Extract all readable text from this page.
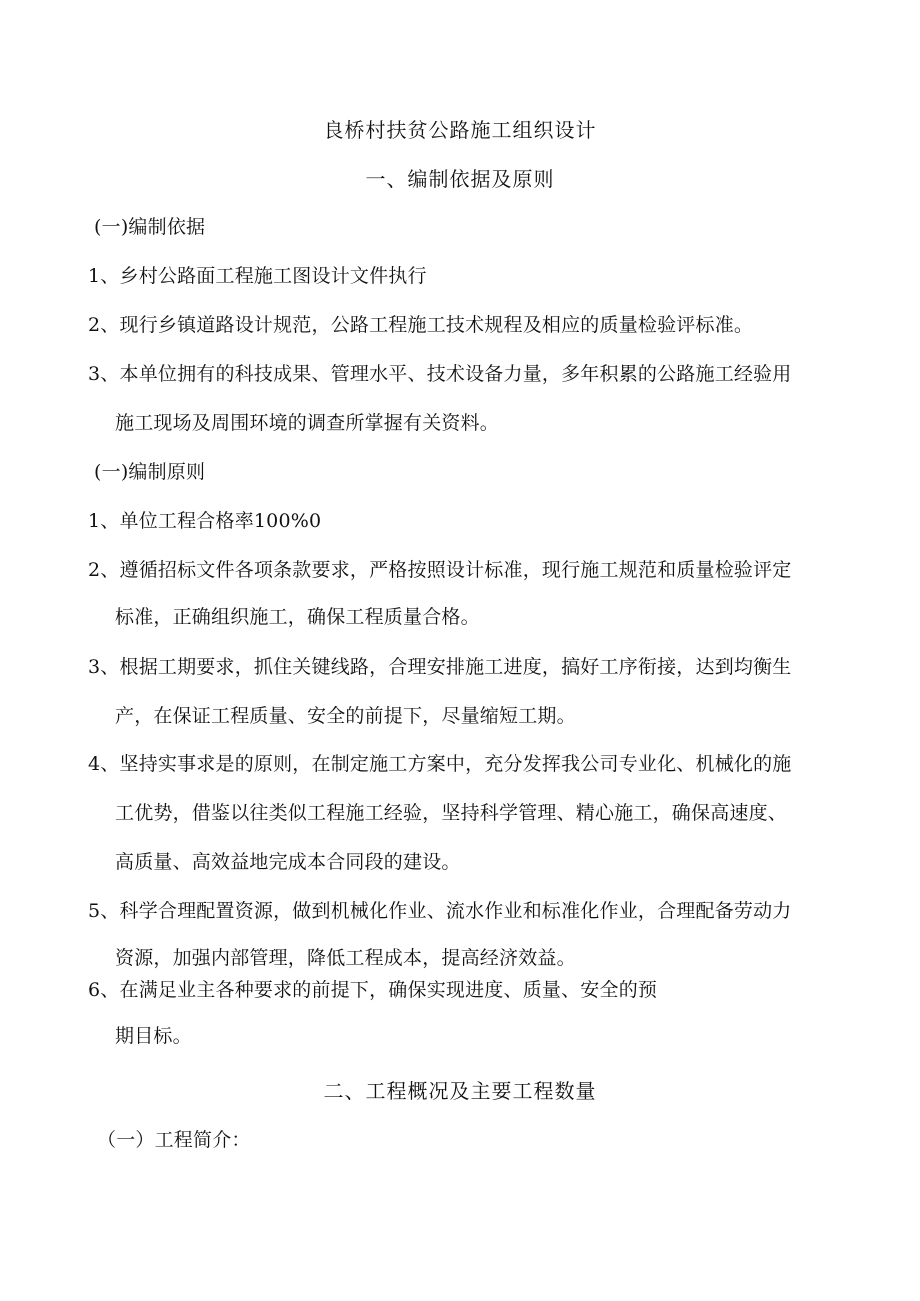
良桥村扶贫公路施工组织设计
一、编制依据及原则
(一)编制依据
1、乡村公路面工程施工图设计文件执行
2、现行乡镇道路设计规范，公路工程施工技术规程及相应的质量检验评标准。
3、本单位拥有的科技成果、管理水平、技术设备力量，多年积累的公路施工经验用
施工现场及周围环境的调查所掌握有关资料。
(一)编制原则
1、单位工程合格率100%0
2、遵循招标文件各项条款要求，严格按照设计标准，现行施工规范和质量检验评定
标准，正确组织施工，确保工程质量合格。
3、根据工期要求，抓住关键线路，合理安排施工进度，搞好工序衔接，达到均衡生
产，在保证工程质量、安全的前提下，尽量缩短工期。
4、坚持实事求是的原则，在制定施工方案中，充分发挥我公司专业化、机械化的施
工优势，借鉴以往类似工程施工经验，坚持科学管理、精心施工，确保高速度、
高质量、高效益地完成本合同段的建设。
5、科学合理配置资源，做到机械化作业、流水作业和标准化作业，合理配备劳动力
资源，加强内部管理，降低工程成本，提高经济效益。
6、在满足业主各种要求的前提下，确保实现进度、质量、安全的预
期目标。
二、工程概况及主要工程数量
（一）工程简介：
